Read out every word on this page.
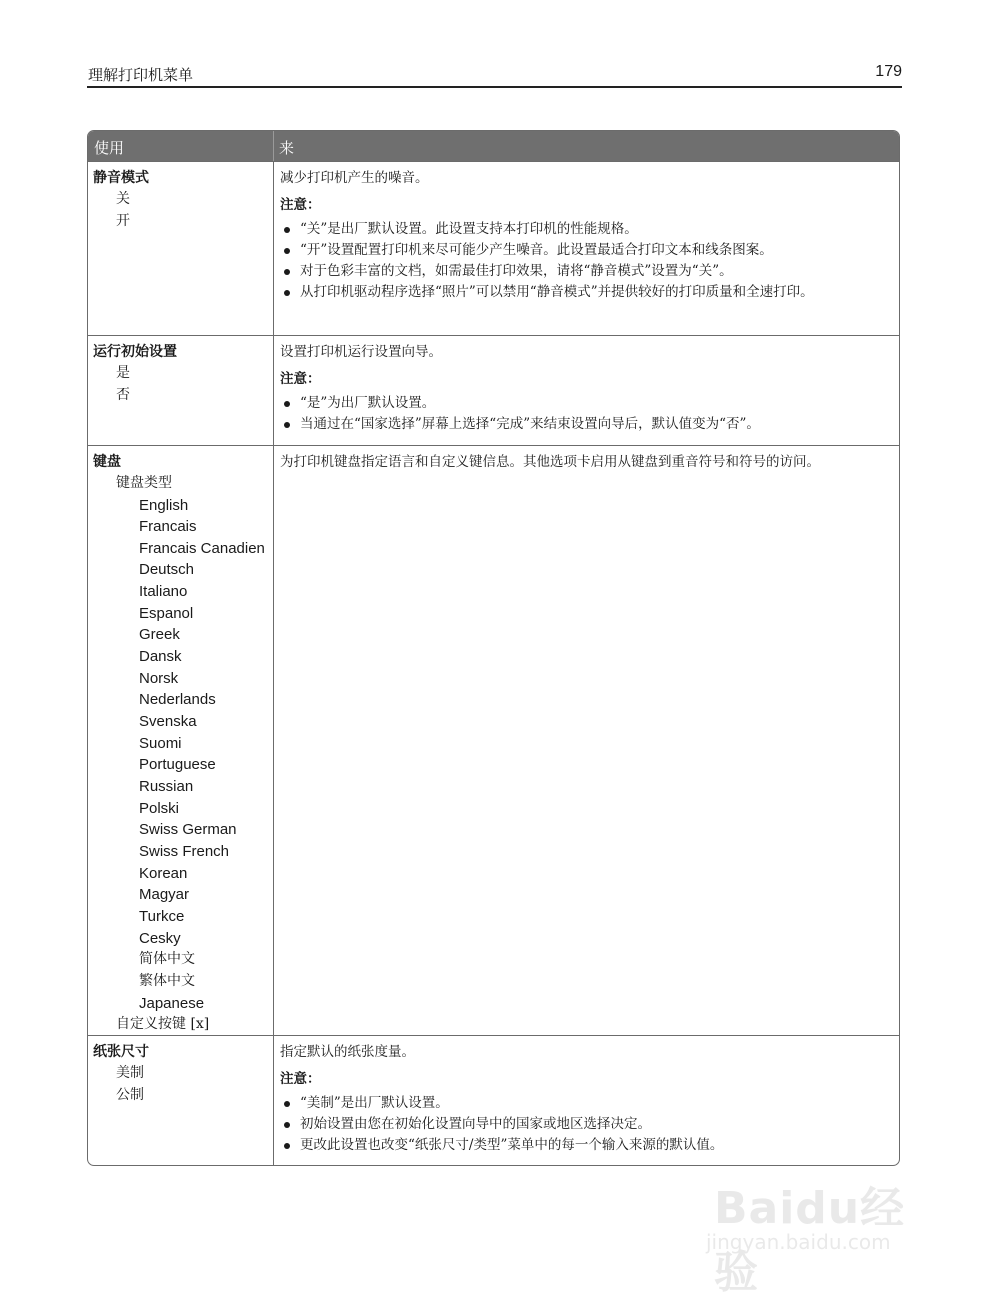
理解打印机菜单	179
使用	来
静音模式
关
开
减少打印机产生的噪音。
注意：
“关”是出厂默认设置。此设置支持本打印机的性能规格。
“开”设置配置打印机来尽可能少产生噪音。此设置最适合打印文本和线条图案。
对于色彩丰富的文档，如需最佳打印效果，请将“静音模式”设置为“关”。
从打印机驱动程序选择“照片”可以禁用“静音模式”并提供较好的打印质量和全速打印。
运行初始设置
是
否
设置打印机运行设置向导。
注意：
“是”为出厂默认设置。
当通过在“国家选择”屏幕上选择“完成”来结束设置向导后，默认值变为“否”。
键盘
键盘类型
English
Francais
Francais Canadien
Deutsch
Italiano
Espanol
Greek
Dansk
Norsk
Nederlands
Svenska
Suomi
Portuguese
Russian
Polski
Swiss German
Swiss French
Korean
Magyar
Turkce
Cesky
简体中文
繁体中文
Japanese
自定义按键 [x]
为打印机键盘指定语言和自定义键信息。其他选项卡启用从键盘到重音符号和符号的访问。
纸张尺寸
美制
公制
指定默认的纸张度量。
注意：
“美制”是出厂默认设置。
初始设置由您在初始化设置向导中的国家或地区选择决定。
更改此设置也改变“纸张尺寸/类型”菜单中的每一个输入来源的默认值。
Baidu经验
jingyan.baidu.com
